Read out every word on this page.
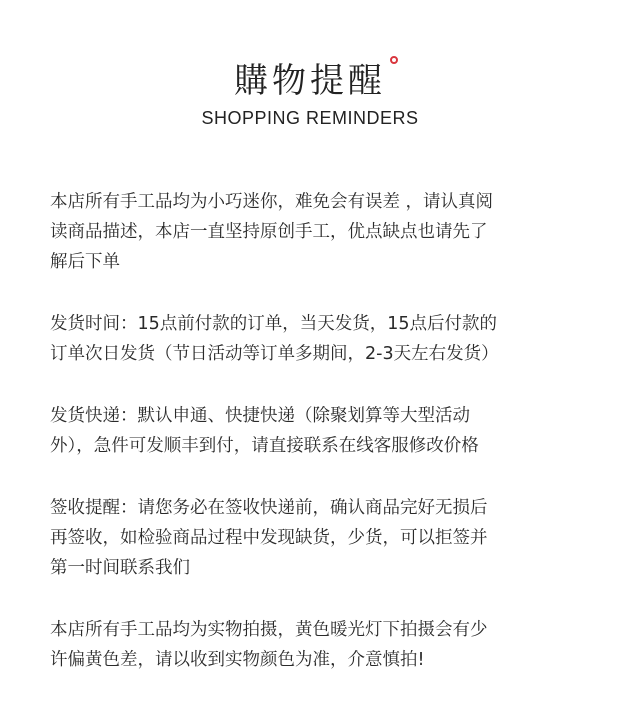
購物提醒
SHOPPING REMINDERS

本店所有手工品均为小巧迷你，难免会有误差 ，请认真阅
读商品描述，本店一直坚持原创手工，优点缺点也请先了
解后下单

发货时间：15点前付款的订单，当天发货，15点后付款的
订单次日发货（节日活动等订单多期间，2-3天左右发货）

发货快递：默认申通、快捷快递（除聚划算等大型活动
外），急件可发顺丰到付，请直接联系在线客服修改价格

签收提醒：请您务必在签收快递前，确认商品完好无损后
再签收，如检验商品过程中发现缺货，少货，可以拒签并
第一时间联系我们

本店所有手工品均为实物拍摄，黄色暖光灯下拍摄会有少
许偏黄色差，请以收到实物颜色为准，介意慎拍!
